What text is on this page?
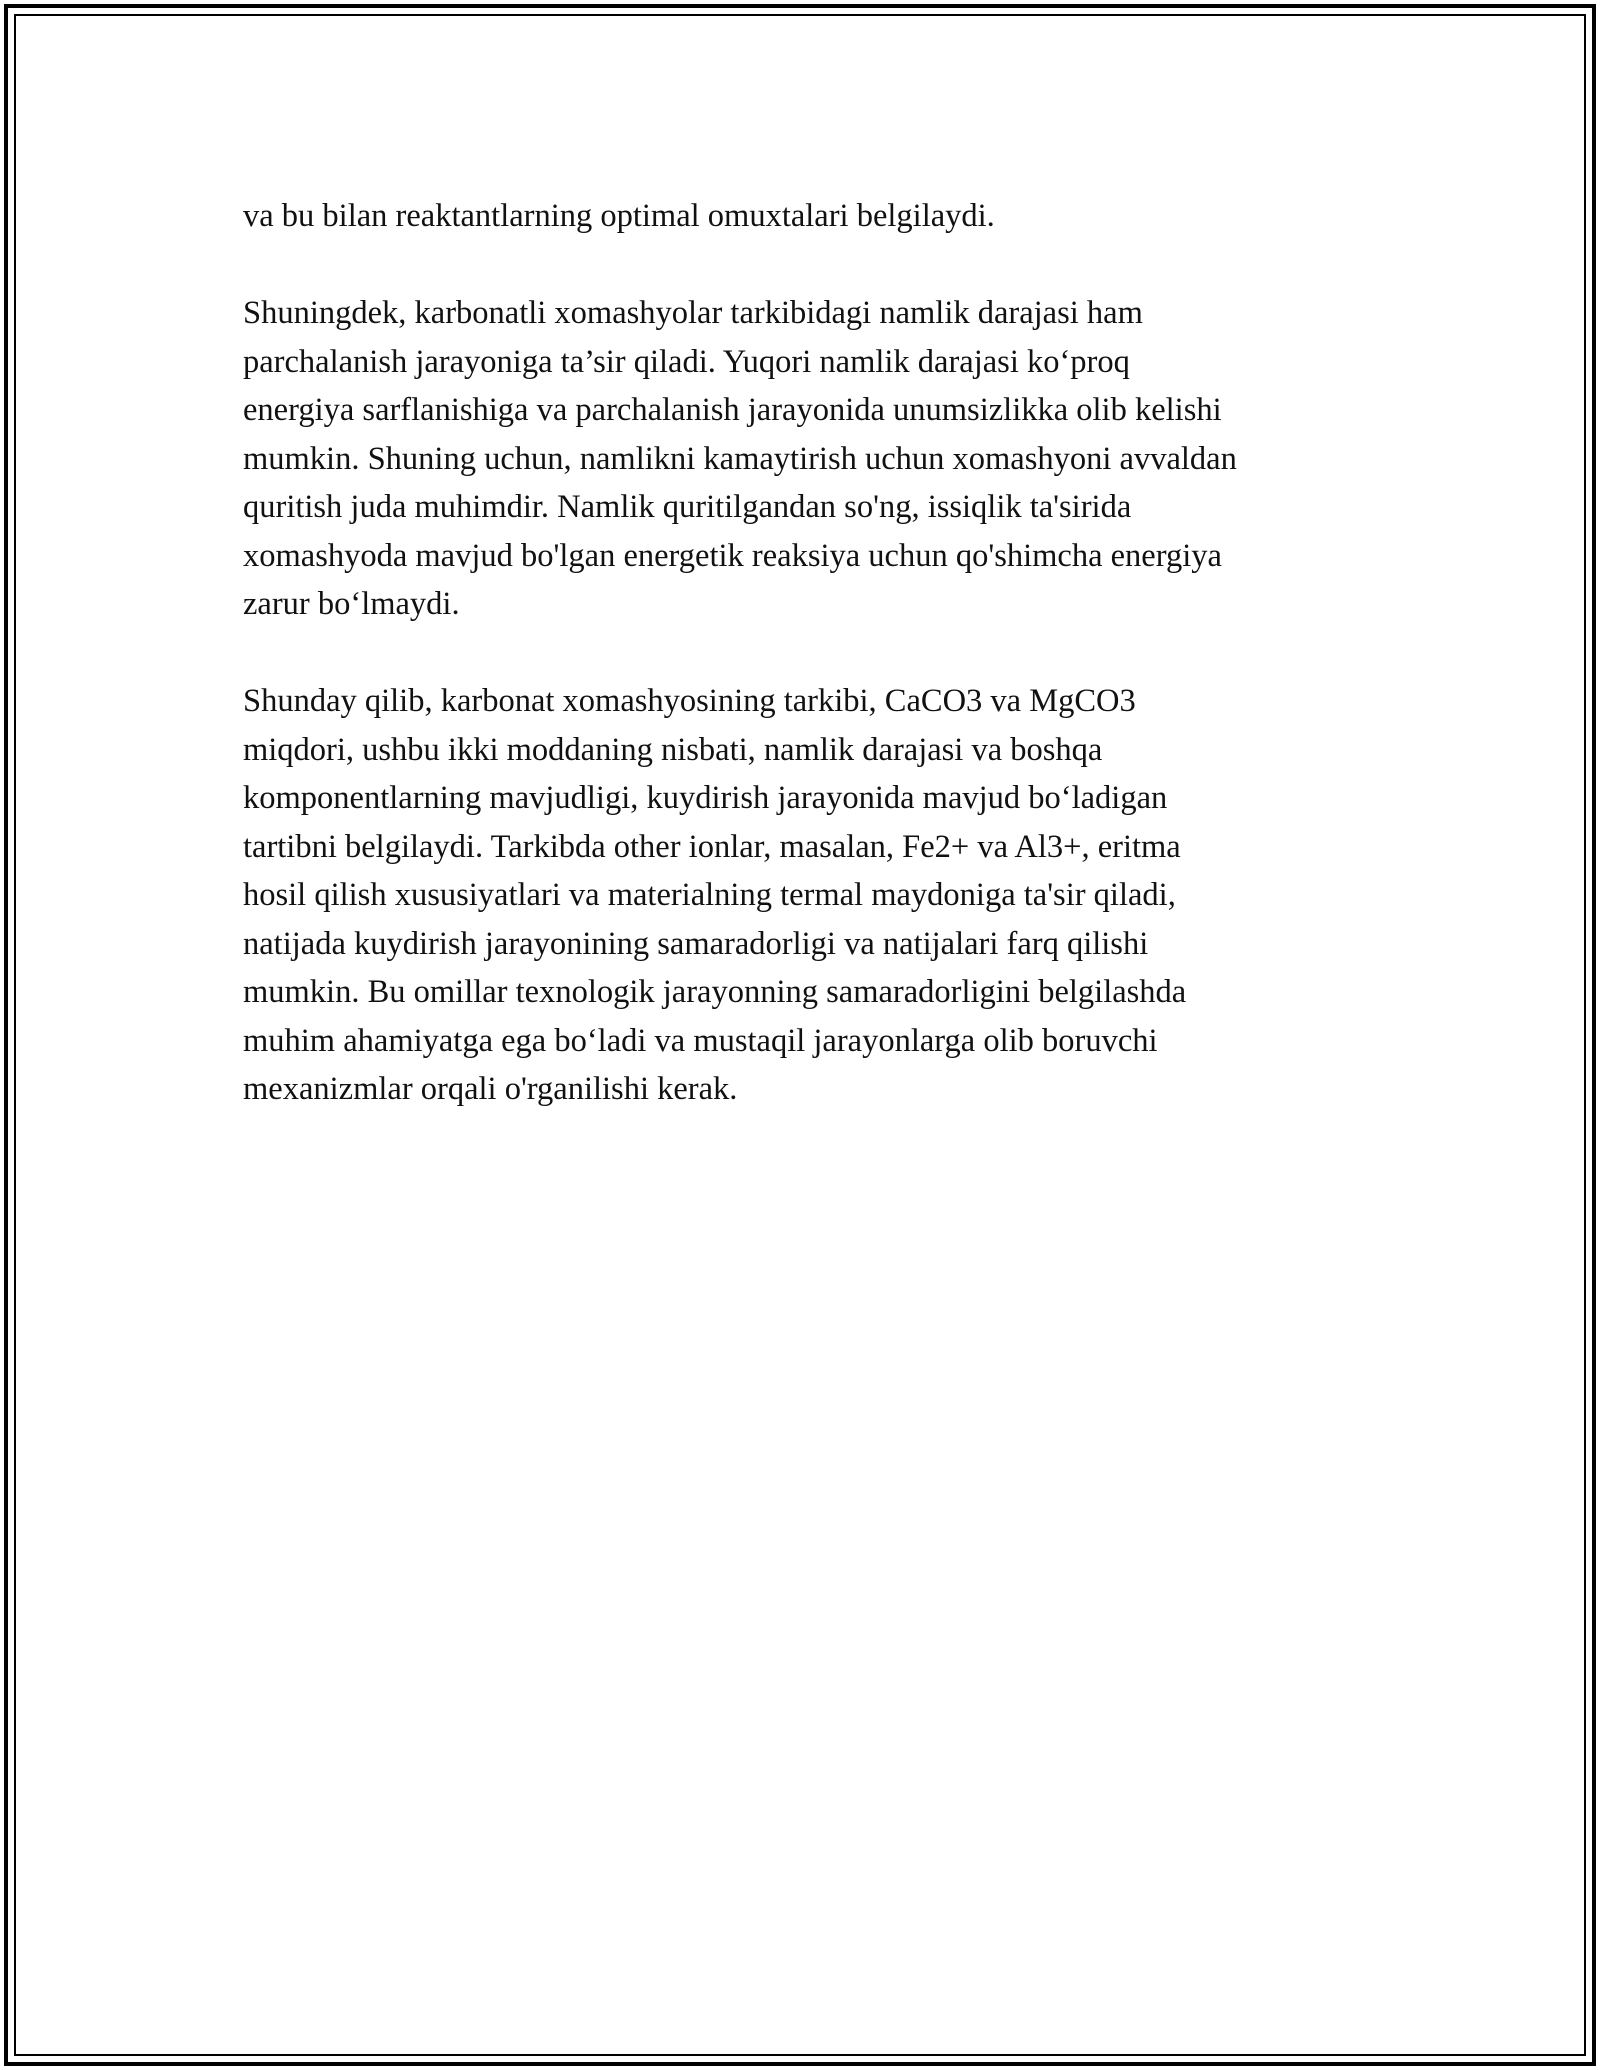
va bu bilan reaktantlarning optimal omuxtalari belgilaydi.

Shuningdek, karbonatli xomashyolar tarkibidagi namlik darajasi ham
parchalanish jarayoniga ta’sir qiladi. Yuqori namlik darajasi ko‘proq
energiya sarflanishiga va parchalanish jarayonida unumsizlikka olib kelishi
mumkin. Shuning uchun, namlikni kamaytirish uchun xomashyoni avvaldan
quritish juda muhimdir. Namlik quritilgandan so'ng, issiqlik ta'sirida
xomashyoda mavjud bo'lgan energetik reaksiya uchun qo'shimcha energiya
zarur bo‘lmaydi.

Shunday qilib, karbonat xomashyosining tarkibi, CaCO3 va MgCO3
miqdori, ushbu ikki moddaning nisbati, namlik darajasi va boshqa
komponentlarning mavjudligi, kuydirish jarayonida mavjud bo‘ladigan
tartibni belgilaydi. Tarkibda other ionlar, masalan, Fe2+ va Al3+, eritma
hosil qilish xususiyatlari va materialning termal maydoniga ta'sir qiladi,
natijada kuydirish jarayonining samaradorligi va natijalari farq qilishi
mumkin. Bu omillar texnologik jarayonning samaradorligini belgilashda
muhim ahamiyatga ega bo‘ladi va mustaqil jarayonlarga olib boruvchi
mexanizmlar orqali o'rganilishi kerak.
